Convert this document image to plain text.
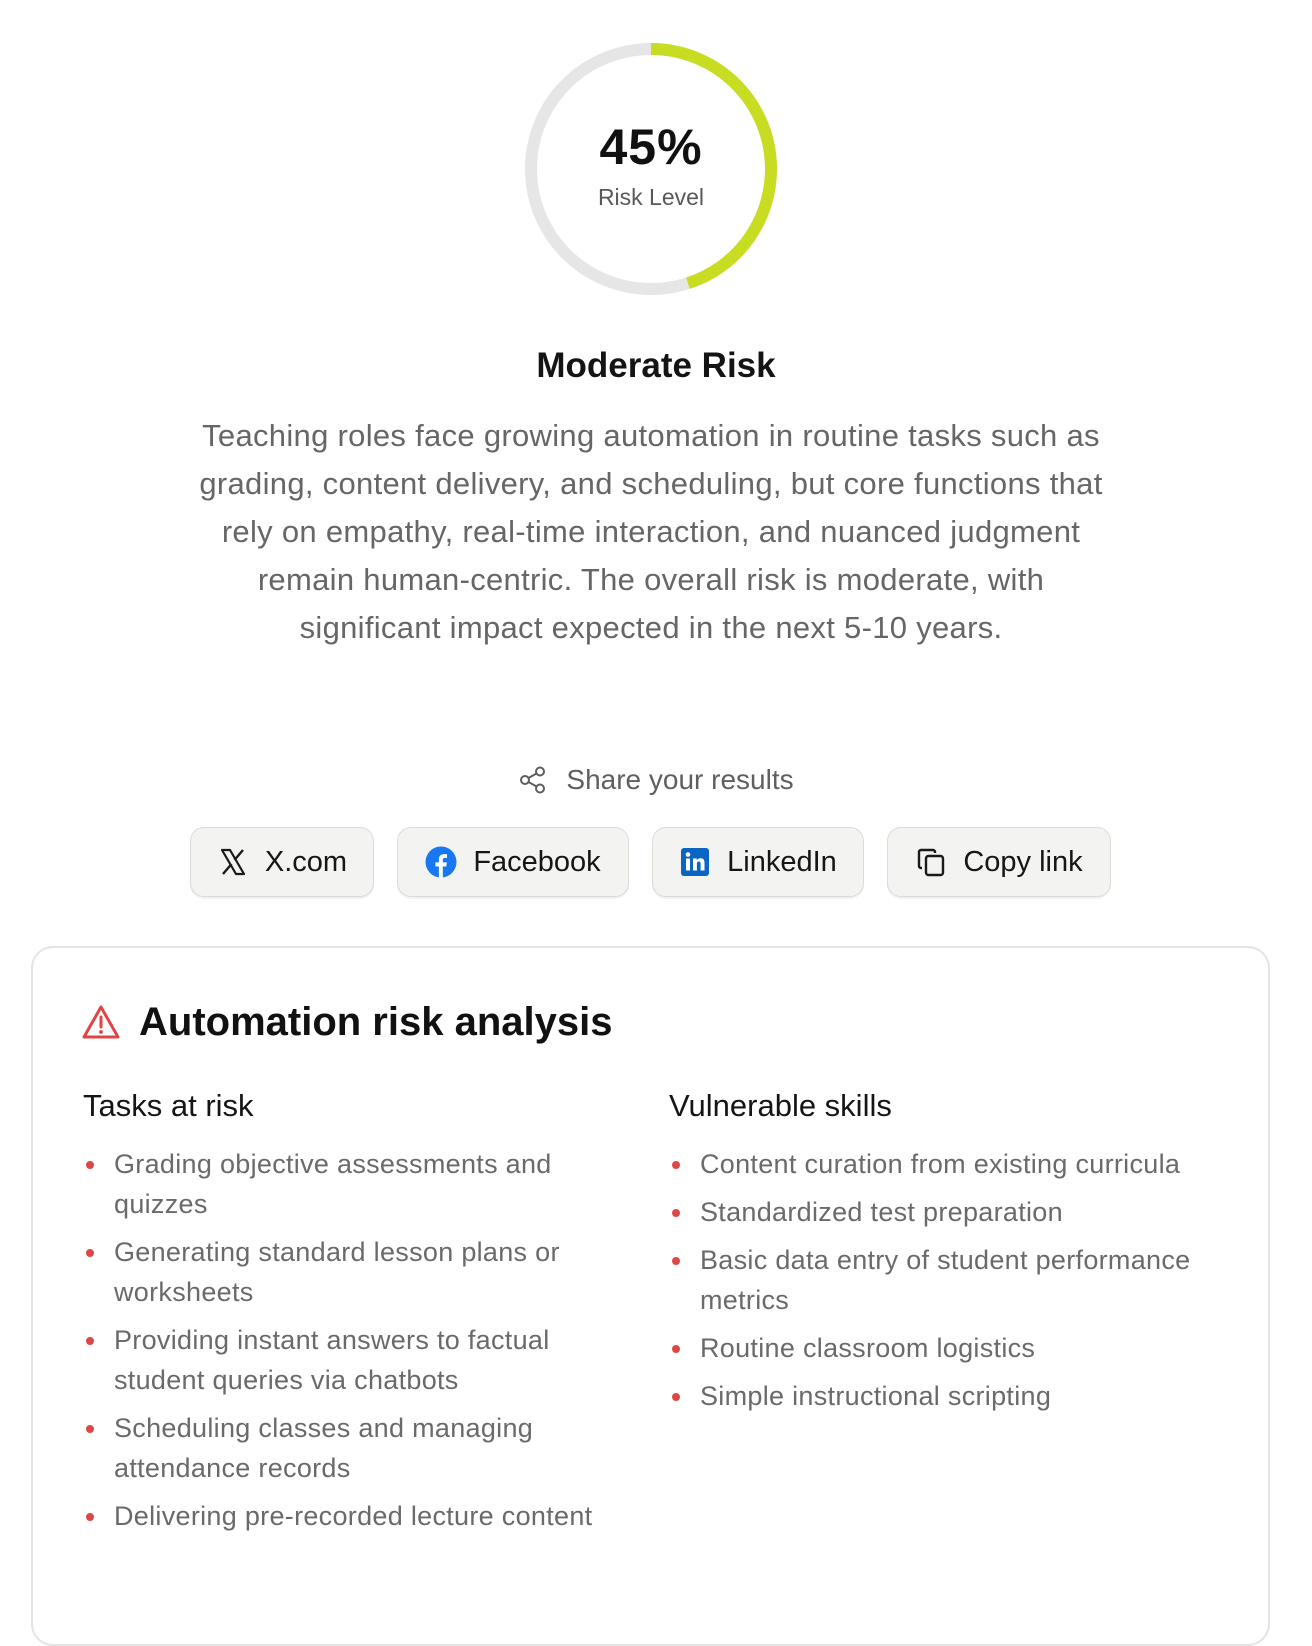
45%
Risk Level
Moderate Risk
Teaching roles face growing automation in routine tasks such as grading, content delivery, and scheduling, but core functions that rely on empathy, real-time interaction, and nuanced judgment remain human-centric. The overall risk is moderate, with significant impact expected in the next 5-10 years.
Share your results
X.com	Facebook	LinkedIn	Copy link
Automation risk analysis
Tasks at risk
Grading objective assessments and quizzes
Generating standard lesson plans or worksheets
Providing instant answers to factual student queries via chatbots
Scheduling classes and managing attendance records
Delivering pre-recorded lecture content
Vulnerable skills
Content curation from existing curricula
Standardized test preparation
Basic data entry of student performance metrics
Routine classroom logistics
Simple instructional scripting
